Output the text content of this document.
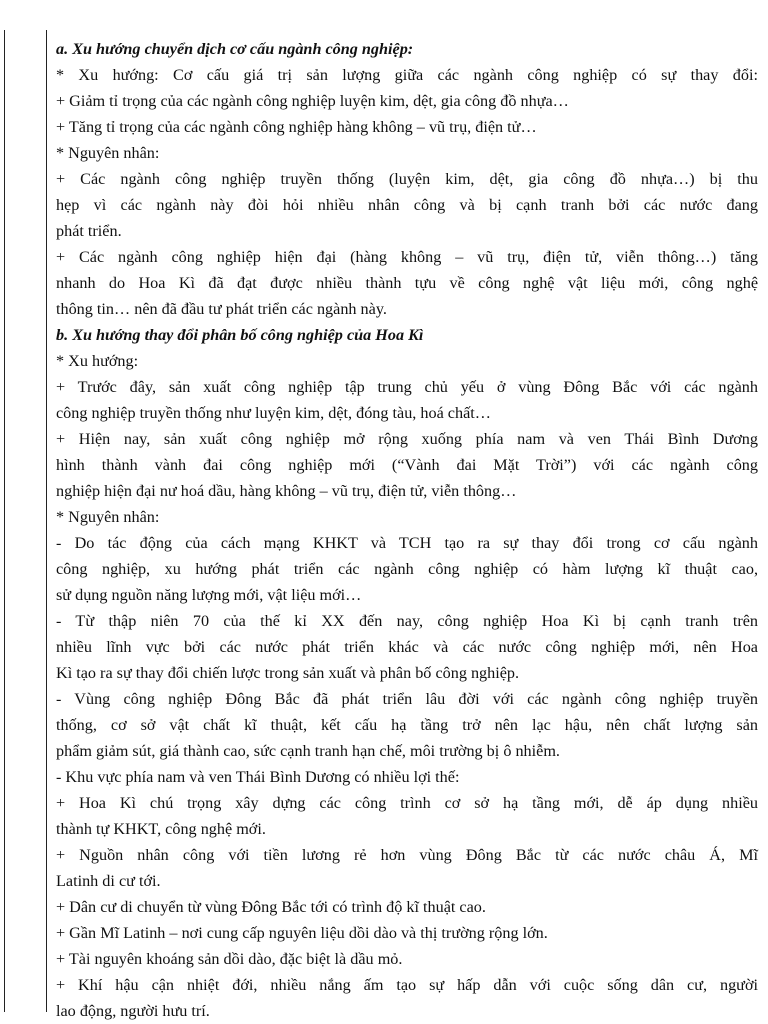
a. Xu hướng chuyển dịch cơ cấu ngành công nghiệp:
* Xu hướng: Cơ cấu giá trị sản lượng giữa các ngành công nghiệp có sự thay đổi:
+ Giảm tỉ trọng của các ngành công nghiệp luyện kim, dệt, gia công đồ nhựa…
+ Tăng tỉ trọng của các ngành công nghiệp hàng không – vũ trụ, điện tử…
* Nguyên nhân:
+ Các ngành công nghiệp truyền thống (luyện kim, dệt, gia công đồ nhựa…) bị thu
hẹp vì các ngành này đòi hỏi nhiều nhân công và bị cạnh tranh bởi các nước đang
phát triển.
+ Các ngành công nghiệp hiện đại (hàng không – vũ trụ, điện tử, viễn thông…) tăng
nhanh do Hoa Kì đã đạt được nhiều thành tựu về công nghệ vật liệu mới, công nghệ
thông tin… nên đã đầu tư phát triển các ngành này.
b. Xu hướng thay đổi phân bố công nghiệp của Hoa Kì
* Xu hướng:
+ Trước đây, sản xuất công nghiệp tập trung chủ yếu ở vùng Đông Bắc với các ngành
công nghiệp truyền thống như luyện kim, dệt, đóng tàu, hoá chất…
+ Hiện nay, sản xuất công nghiệp mở rộng xuống phía nam và ven Thái Bình Dương
hình thành vành đai công nghiệp mới (“Vành đai Mặt Trời”) với các ngành công
nghiệp hiện đại nư hoá dầu, hàng không – vũ trụ, điện tử, viễn thông…
* Nguyên nhân:
- Do tác động của cách mạng KHKT và TCH tạo ra sự thay đổi trong cơ cấu ngành
công nghiệp, xu hướng phát triển các ngành công nghiệp có hàm lượng kĩ thuật cao,
sử dụng nguồn năng lượng mới, vật liệu mới…
- Từ thập niên 70 của thế kỉ XX đến nay, công nghiệp Hoa Kì bị cạnh tranh trên
nhiều lĩnh vực bởi các nước phát triển khác và các nước công nghiệp mới, nên Hoa
Kì tạo ra sự thay đổi chiến lược trong sản xuất và phân bố công nghiệp.
- Vùng công nghiệp Đông Bắc đã phát triển lâu đời với các ngành công nghiệp truyền
thống, cơ sở vật chất kĩ thuật, kết cấu hạ tầng trở nên lạc hậu, nên chất lượng sản
phẩm giảm sút, giá thành cao, sức cạnh tranh hạn chế, môi trường bị ô nhiễm.
- Khu vực phía nam và ven Thái Bình Dương có nhiều lợi thế:
+ Hoa Kì chú trọng xây dựng các công trình cơ sở hạ tầng mới, dễ áp dụng nhiều
thành tự KHKT, công nghệ mới.
+ Nguồn nhân công với tiền lương rẻ hơn vùng Đông Bắc từ các nước châu Á, Mĩ
Latinh di cư tới.
+ Dân cư di chuyển từ vùng Đông Bắc tới có trình độ kĩ thuật cao.
+ Gần Mĩ Latinh – nơi cung cấp nguyên liệu dồi dào và thị trường rộng lớn.
+ Tài nguyên khoáng sản dồi dào, đặc biệt là dầu mỏ.
+ Khí hậu cận nhiệt đới, nhiều nắng ấm tạo sự hấp dẫn với cuộc sống dân cư, người
lao động, người hưu trí.
